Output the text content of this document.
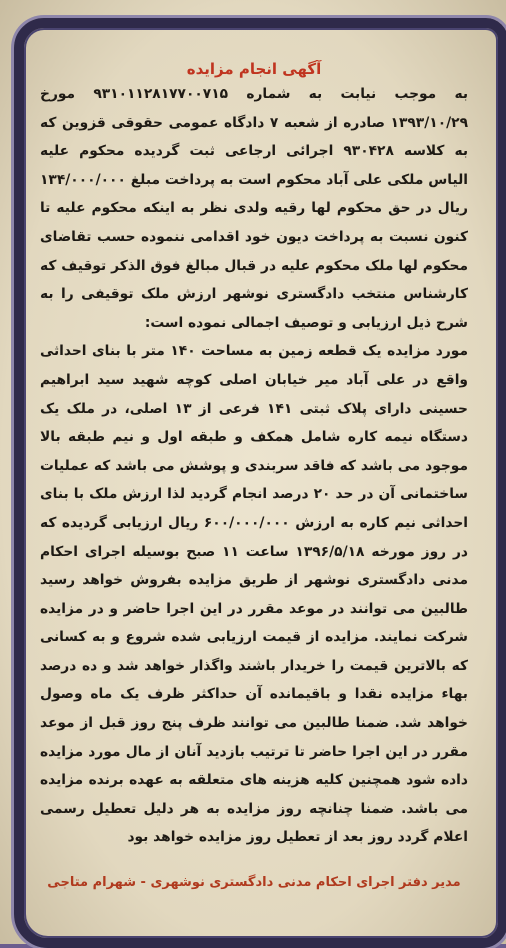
آگهی انجام مزایده

به موجب نیابت به شماره ۹۳۱۰۱۱۲۸۱۷۷۰۰۷۱۵ مورخ ۱۳۹۳/۱۰/۲۹ صادره از شعبه ۷ دادگاه عمومی حقوقی قزوین که به کلاسه ۹۳۰۴۲۸ اجرائی ارجاعی ثبت گردیده محکوم علیه الیاس ملکی علی آباد محکوم است به پرداخت مبلغ ۱۳۴/۰۰۰/۰۰۰ ریال در حق محکوم لها رقیه ولدی نظر به اینکه محکوم علیه تا کنون نسبت به پرداخت دیون خود اقدامی ننموده حسب تقاضای محکوم لها ملک محکوم علیه در قبال مبالغ فوق الذکر توقیف که کارشناس منتخب دادگستری نوشهر ارزش ملک توقیفی را به شرح ذیل ارزیابی و توصیف اجمالی نموده است:

مورد مزایده یک قطعه زمین به مساحت ۱۴۰ متر با بنای احداثی واقع در علی آباد میر خیابان اصلی کوچه شهید سید ابراهیم حسینی دارای پلاک ثبتی ۱۴۱ فرعی از ۱۳ اصلی، در ملک یک دستگاه نیمه کاره شامل همکف و طبقه اول و نیم طبقه بالا موجود می باشد که فاقد سربندی و پوشش می باشد که عملیات ساختمانی آن در حد ۲۰ درصد انجام گردید لذا ارزش ملک با بنای احداثی نیم کاره به ارزش ۶۰۰/۰۰۰/۰۰۰ ریال ارزیابی گردیده که در روز مورخه ۱۳۹۶/۵/۱۸ ساعت ۱۱ صبح بوسیله اجرای احکام مدنی دادگستری نوشهر از طریق مزایده بفروش خواهد رسید طالبین می توانند در موعد مقرر در این اجرا حاضر و در مزایده شرکت نمایند. مزایده از قیمت ارزیابی شده شروع و به کسانی که بالاترین قیمت را خریدار باشند واگذار خواهد شد و ده درصد بهاء مزایده نقدا و باقیمانده آن حداکثر ظرف یک ماه وصول خواهد شد. ضمنا طالبین می توانند ظرف پنج روز قبل از موعد مقرر در این اجرا حاضر تا ترتیب بازدید آنان از مال مورد مزایده داده شود همچنین کلیه هزینه های متعلقه به عهده برنده مزایده می باشد. ضمنا چنانچه روز مزایده به هر دلیل تعطیل رسمی اعلام گردد روز بعد از تعطیل روز مزایده خواهد بود

مدیر دفتر اجرای احکام مدنی دادگستری نوشهری - شهرام متاجی
